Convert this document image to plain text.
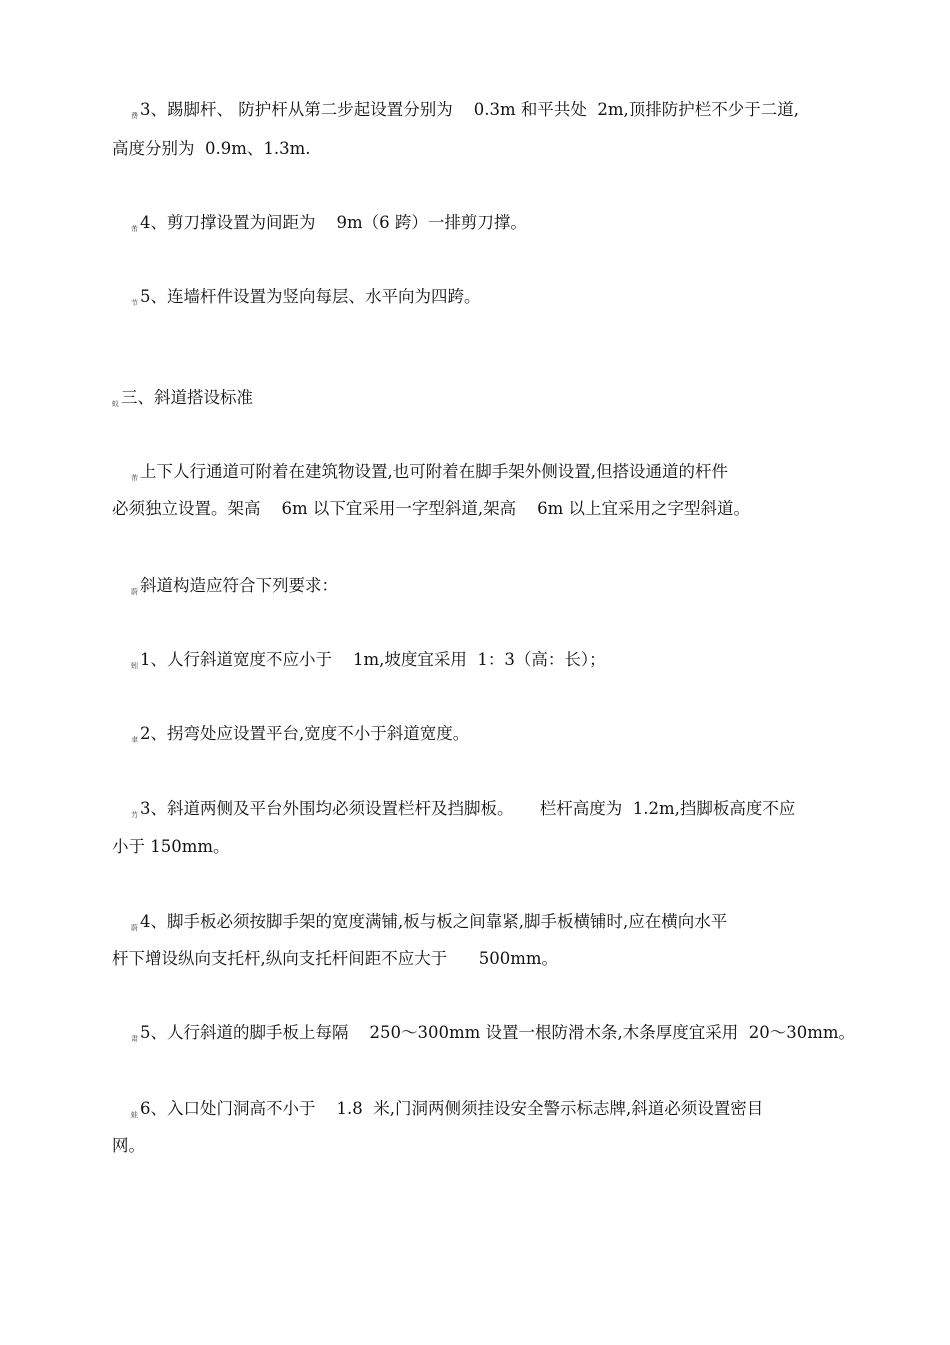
费 3、踢脚杆、 防护杆从第二步起设置分别为    0.3m 和平共处  2m,顶排防护栏不少于二道,
高度分别为  0.9m、1.3m.
芾 4、剪刀撑设置为间距为    9m（6 跨）一排剪刀撑。
节 5、连墙杆件设置为竖向每层、水平向为四跨。
蚁 三、斜道搭设标准
芾 上下人行通道可附着在建筑物设置,也可附着在脚手架外侧设置,但搭设通道的杆件
必须独立设置。架高    6m 以下宜采用一字型斜道,架高    6m 以上宜采用之字型斜道。
蔚 斜道构造应符合下列要求：
蚓 1、人行斜道宽度不应小于    1m,坡度宜采用  1：3（高：长）；
聿 2、拐弯处应设置平台,宽度不小于斜道宽度。
芀 3、斜道两侧及平台外围均必须设置栏杆及挡脚板。     栏杆高度为  1.2m,挡脚板高度不应
小于 150mm。
蔚 4、脚手板必须按脚手架的宽度满铺,板与板之间靠紧,脚手板横铺时,应在横向水平
杆下增设纵向支托杆,纵向支托杆间距不应大于      500mm。
肃 5、人行斜道的脚手板上每隔    250～300mm 设置一根防滑木条,木条厚度宜采用  20～30mm。
蛙 6、入口处门洞高不小于    1.8  米,门洞两侧须挂设安全警示标志牌,斜道必须设置密目
网。
